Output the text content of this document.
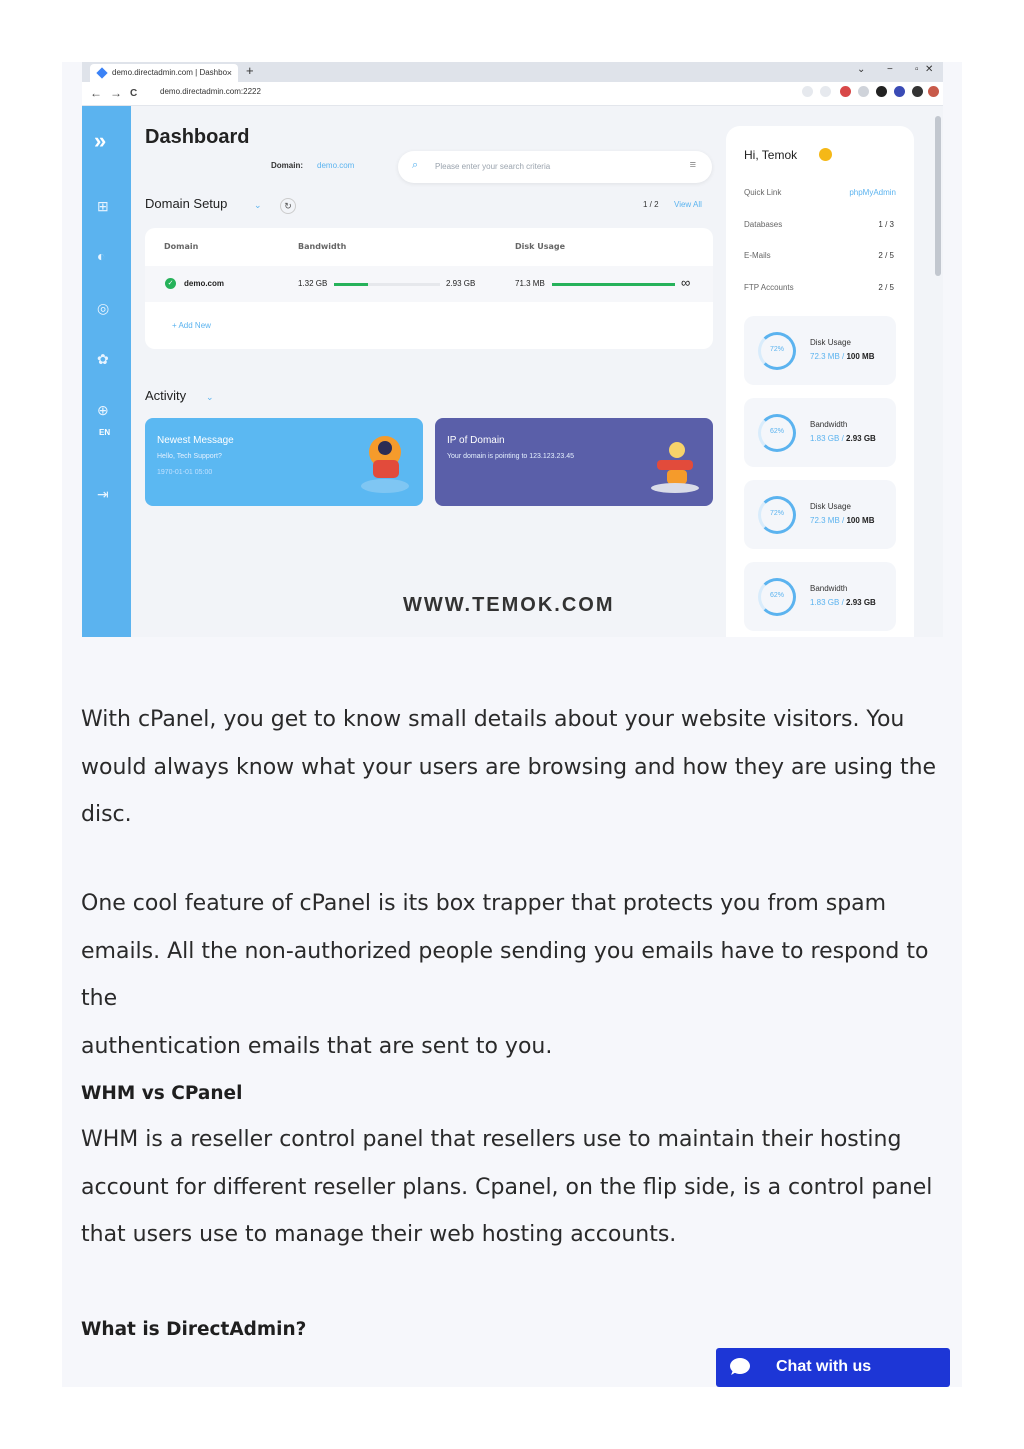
demo.directadmin.com | Dashbo × +	⌄ − ▫ ✕
← → C	demo.directadmin.com:2222
»
⊞
◐
◎
✿
⊕
EN
⇥
Dashboard
Domain: demo.com	⌕ Please enter your search criteria	≡
Domain Setup	⌄	↻	1 / 2 View All
Domain	Bandwidth	Disk Usage
✓	demo.com	1.32 GB	2.93 GB	71.3 MB	∞
+ Add New
Activity ⌄
Newest Message
Hello, Tech Support?
1970-01-01 05:00
IP of Domain
Your domain is pointing to 123.123.23.45
WWW.TEMOK.COM
Hi, Temok
Quick Link	phpMyAdmin
Databases	1 / 3
E-Mails	2 / 5
FTP Accounts	2 / 5
72%
Disk Usage
72.3 MB / 100 MB
62%
Bandwidth
1.83 GB / 2.93 GB
72%
Disk Usage
72.3 MB / 100 MB
62%
Bandwidth
1.83 GB / 2.93 GB
With cPanel, you get to know small details about your website visitors. You
would always know what your users are browsing and how they are using the
disc.
One cool feature of cPanel is its box trapper that protects you from spam
emails. All the non-authorized people sending you emails have to respond to the
authentication emails that are sent to you.
WHM vs CPanel
WHM is a reseller control panel that resellers use to maintain their hosting
account for different reseller plans. Cpanel, on the flip side, is a control panel
that users use to manage their web hosting accounts.
What is DirectAdmin?
Chat with us
